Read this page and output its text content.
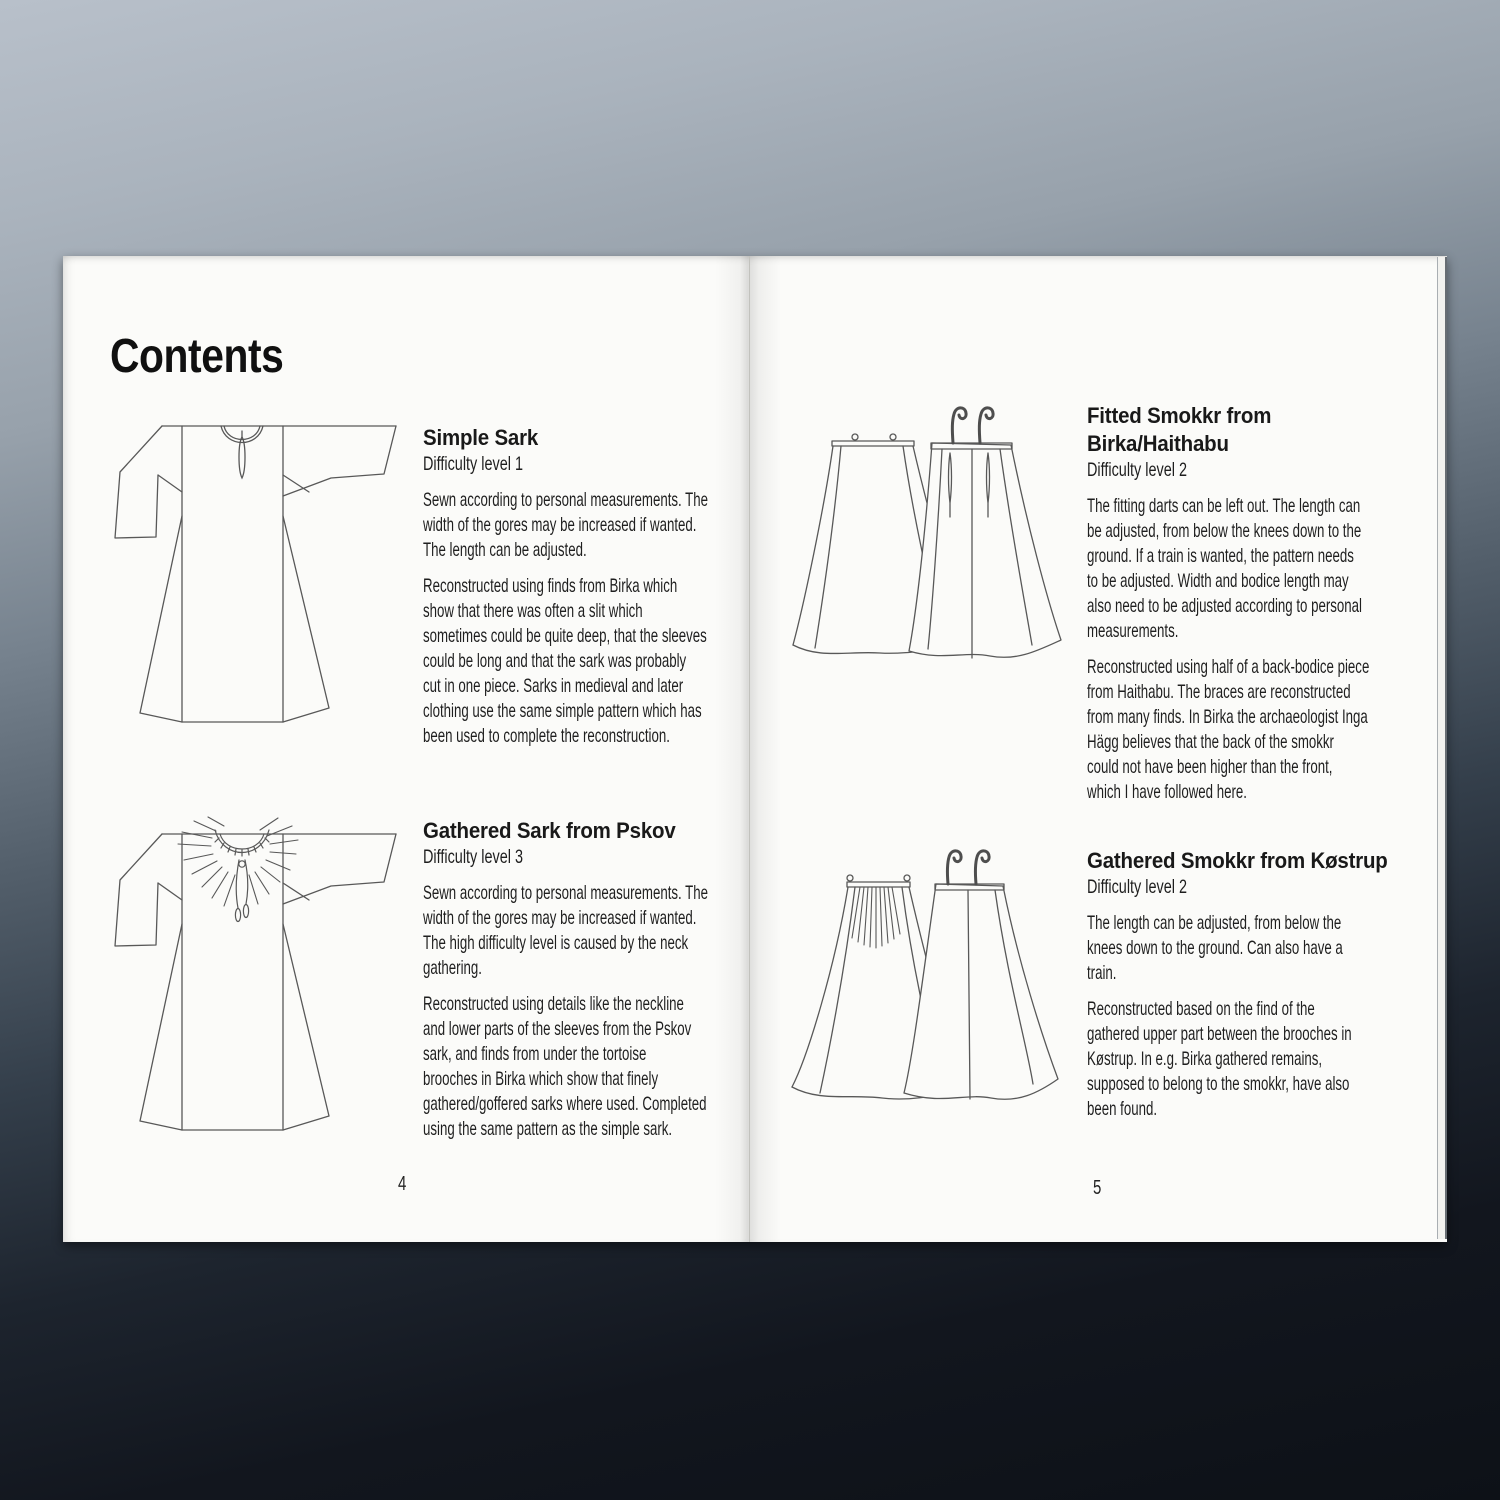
Contents
Simple Sark
Difficulty level 1
Sewn according to personal measurements. The
width of the gores may be increased if wanted.
The length can be adjusted.
Reconstructed using finds from Birka which
show that there was often a slit which
sometimes could be quite deep, that the sleeves
could be long and that the sark was probably
cut in one piece. Sarks in medieval and later
clothing use the same simple pattern which has
been used to complete the reconstruction.
Gathered Sark from Pskov
Difficulty level 3
Sewn according to personal measurements. The
width of the gores may be increased if wanted.
The high difficulty level is caused by the neck
gathering.
Reconstructed using details like the neckline
and lower parts of the sleeves from the Pskov
sark, and finds from under the tortoise
brooches in Birka which show that finely
gathered/goffered sarks where used. Completed
using the same pattern as the simple sark.
4
Fitted Smokkr from
Birka/Haithabu
Difficulty level 2
The fitting darts can be left out. The length can
be adjusted, from below the knees down to the
ground. If a train is wanted, the pattern needs
to be adjusted. Width and bodice length may
also need to be adjusted according to personal
measurements.
Reconstructed using half of a back-bodice piece
from Haithabu. The braces are reconstructed
from many finds. In Birka the archaeologist Inga
Hägg believes that the back of the smokkr
could not have been higher than the front,
which I have followed here.
Gathered Smokkr from Køstrup
Difficulty level 2
The length can be adjusted, from below the
knees down to the ground. Can also have a
train.
Reconstructed based on the find of the
gathered upper part between the brooches in
Køstrup. In e.g. Birka gathered remains,
supposed to belong to the smokkr, have also
been found.
5
